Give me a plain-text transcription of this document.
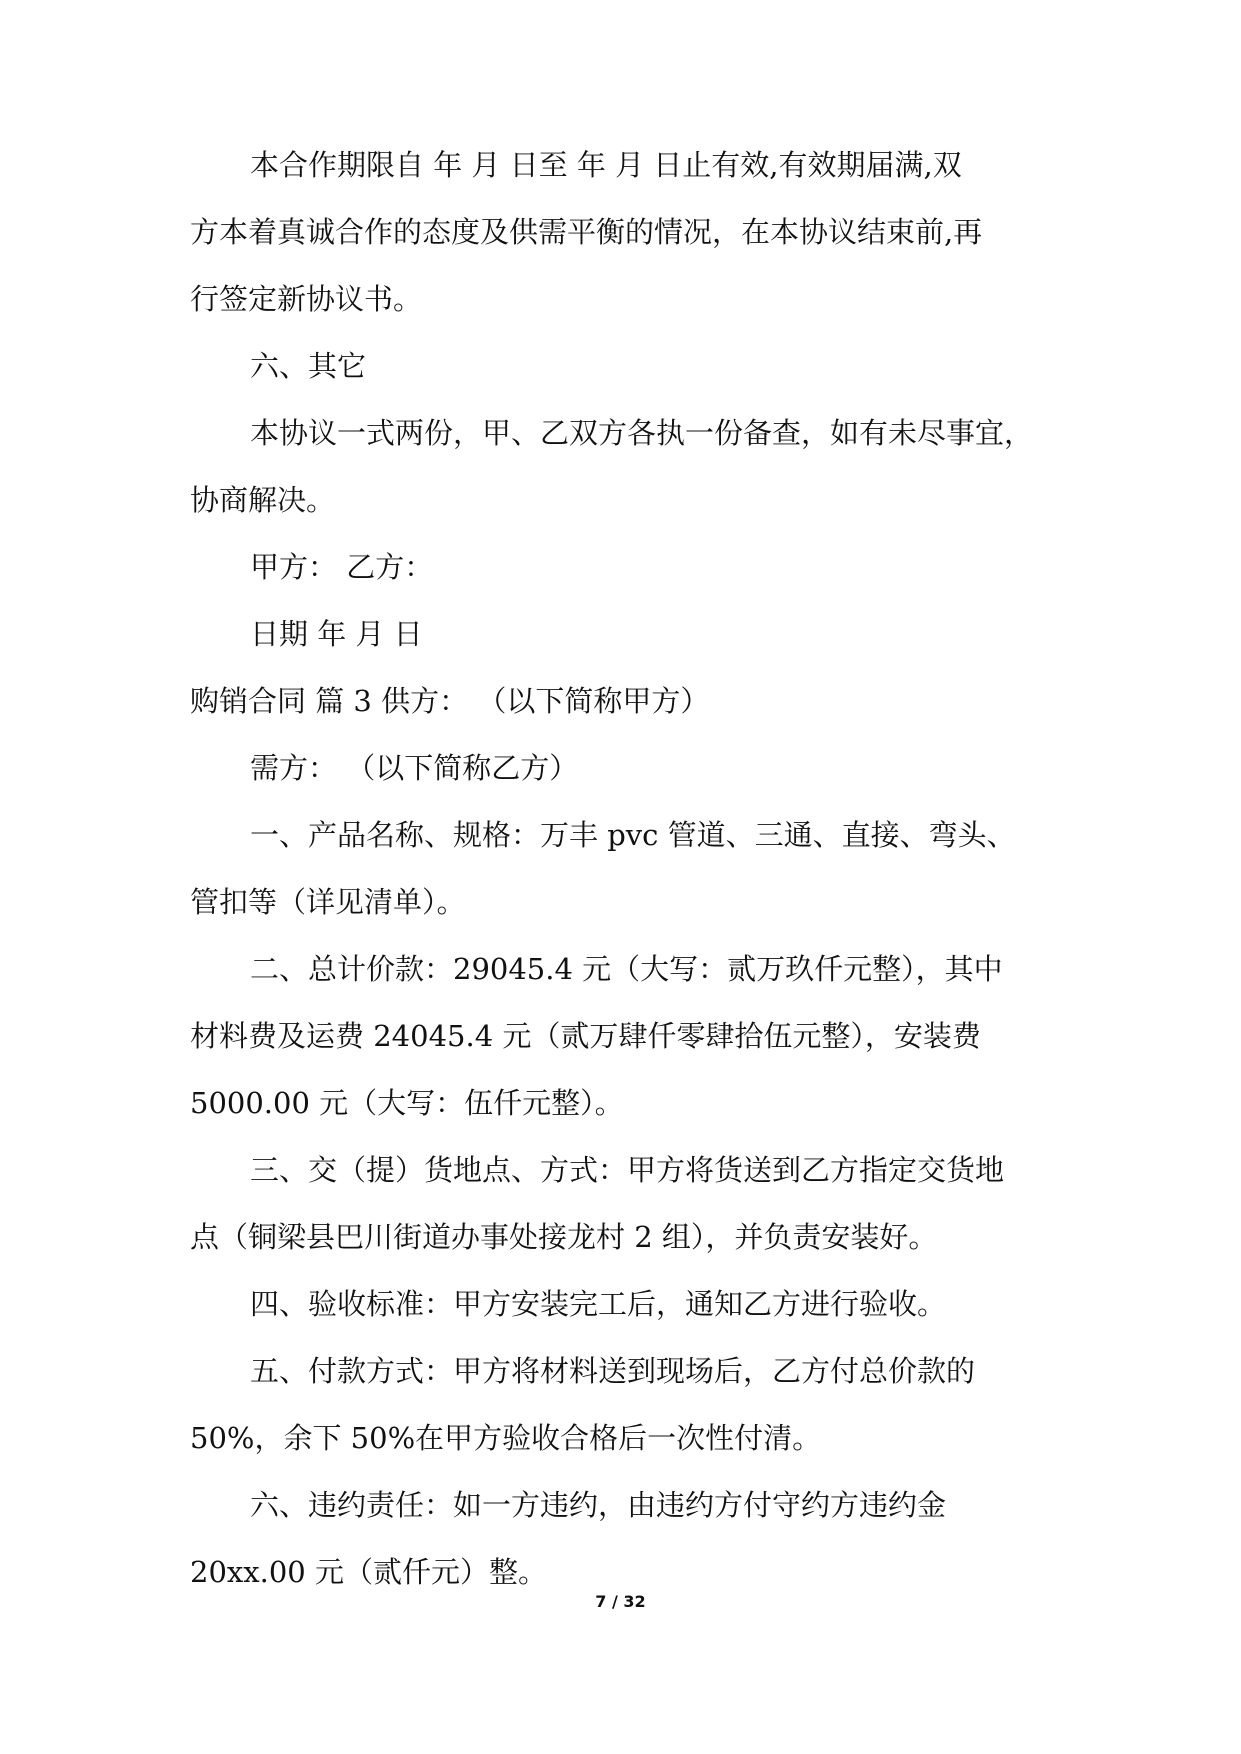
本合作期限自 年 月 日至 年 月 日止有效,有效期届满,双
方本着真诚合作的态度及供需平衡的情况，在本协议结束前,再
行签定新协议书。
六、其它
本协议一式两份，甲、乙双方各执一份备查，如有未尽事宜，
协商解决。
甲方： 乙方：
日期 年 月 日
购销合同 篇 3 供方： （以下简称甲方）
需方： （以下简称乙方）
一、产品名称、规格：万丰 pvc 管道、三通、直接、弯头、
管扣等（详见清单）。
二、总计价款：29045.4 元（大写：贰万玖仟元整），其中
材料费及运费 24045.4 元（贰万肆仟零肆拾伍元整），安装费
5000.00 元（大写：伍仟元整）。
三、交（提）货地点、方式：甲方将货送到乙方指定交货地
点（铜梁县巴川街道办事处接龙村 2 组），并负责安装好。
四、验收标准：甲方安装完工后，通知乙方进行验收。
五、付款方式：甲方将材料送到现场后，乙方付总价款的
50%，余下 50%在甲方验收合格后一次性付清。
六、违约责任：如一方违约，由违约方付守约方违约金
20xx.00 元（贰仟元）整。
7 / 32
